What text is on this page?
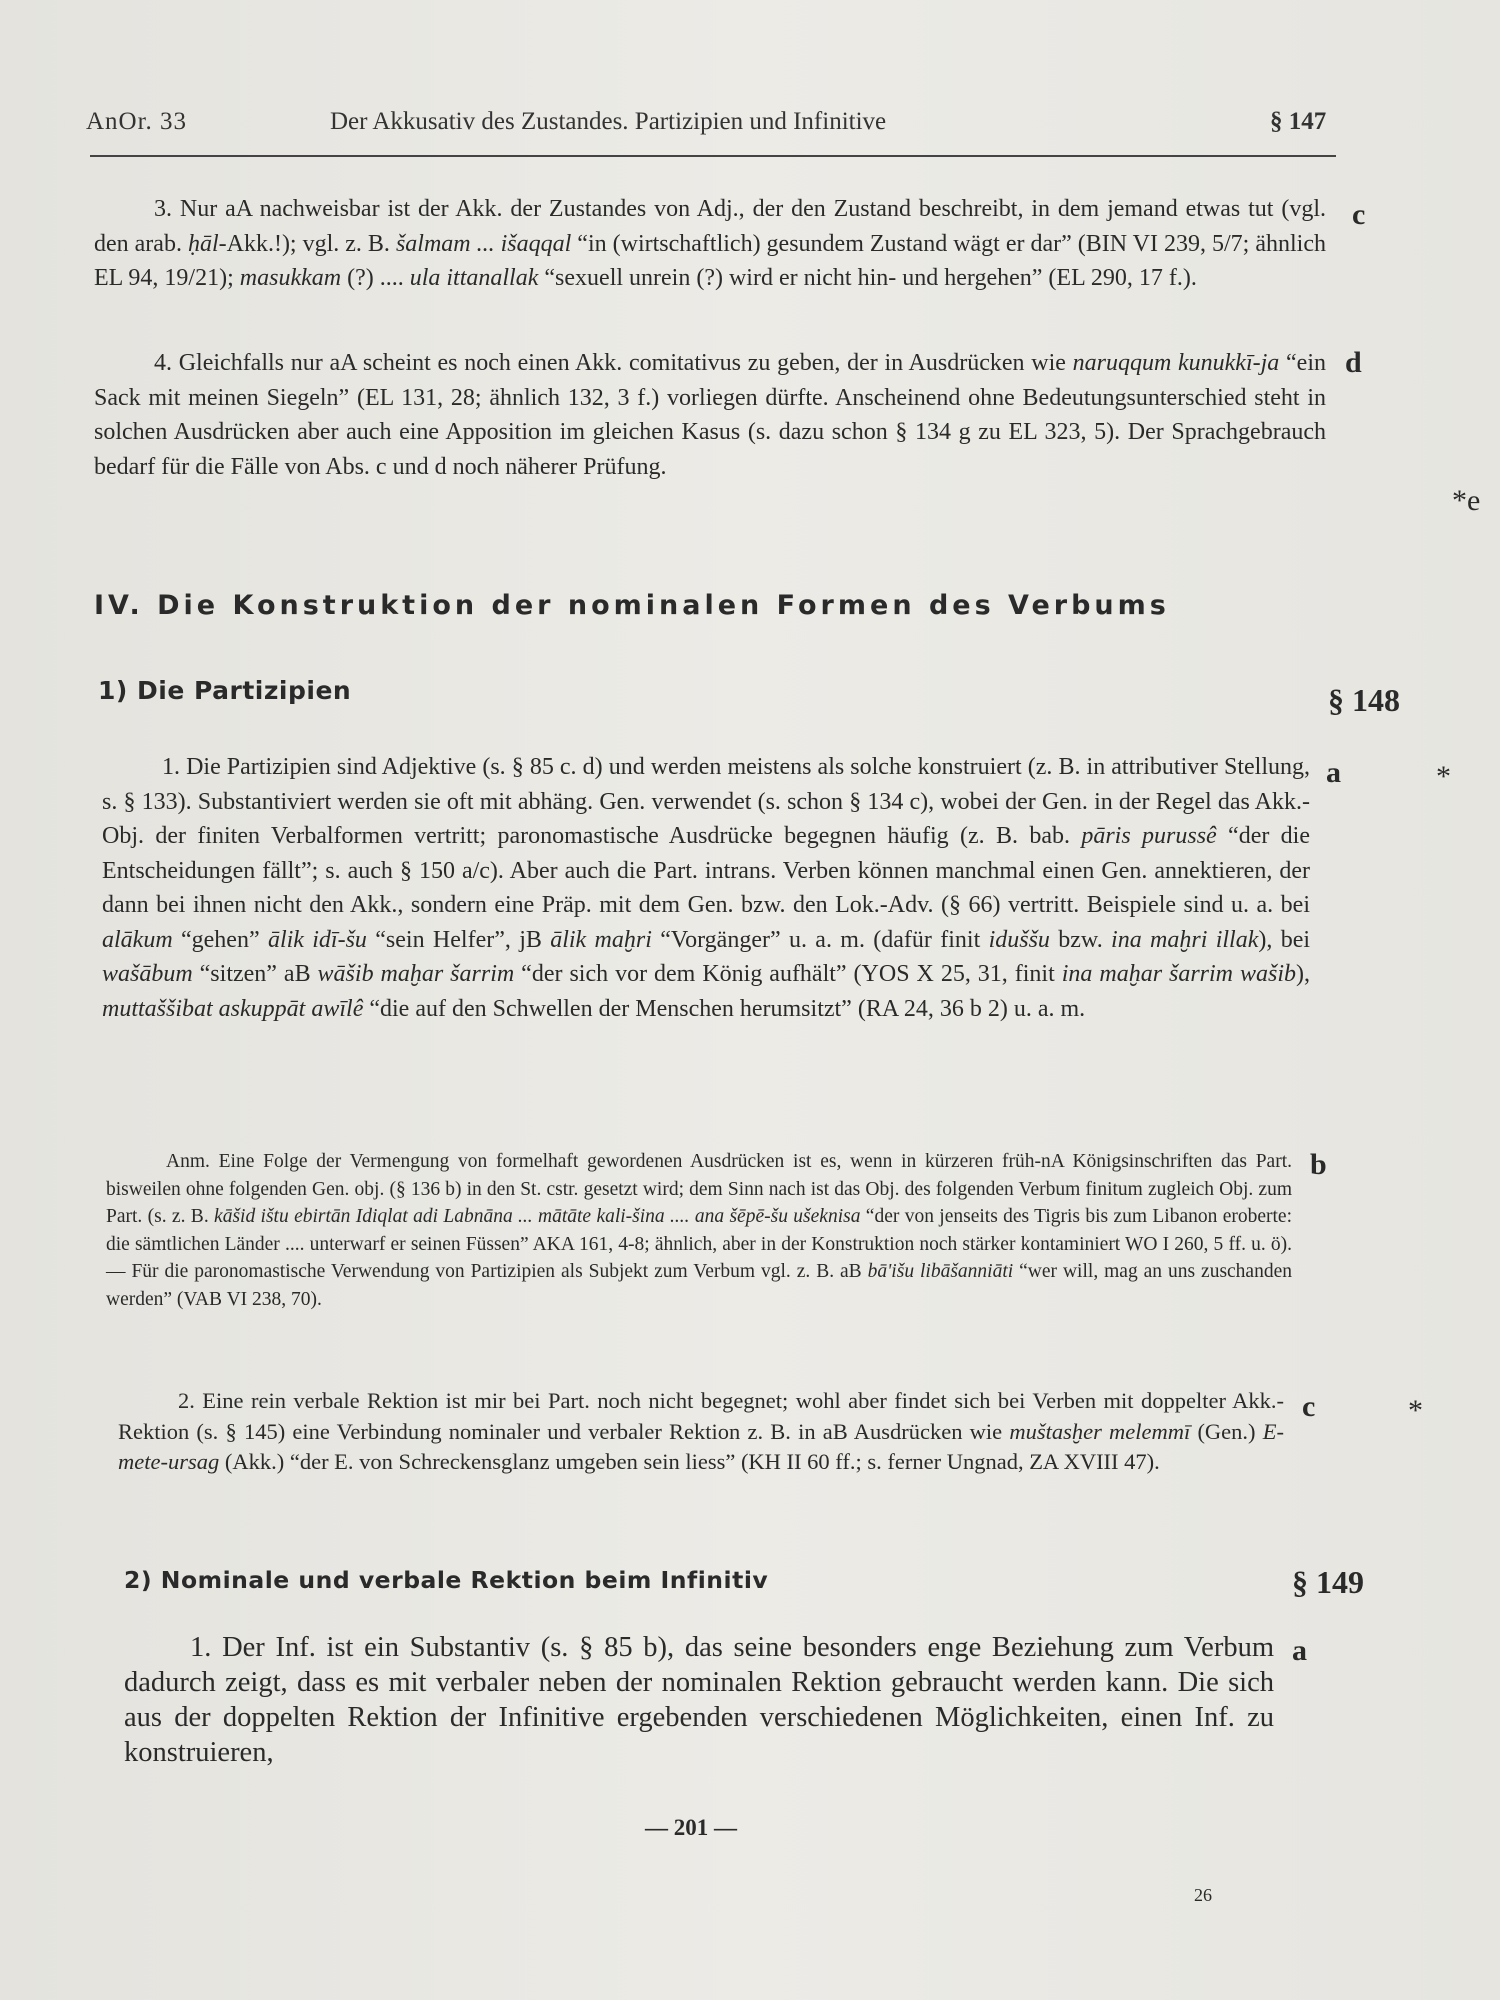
AnOr. 33	Der Akkusativ des Zustandes. Partizipien und Infinitive	§ 147

3. Nur aA nachweisbar ist der Akk. der Zustandes von Adj., der den Zustand beschreibt, in dem jemand etwas tut (vgl. den arab. ḥāl-Akk.!); vgl. z. B. šalmam ... išaqqal “in (wirtschaftlich) gesundem Zustand wägt er dar” (BIN VI 239, 5/7; ähnlich EL 94, 19/21); masukkam (?) .... ula ittanallak “sexuell unrein (?) wird er nicht hin- und hergehen” (EL 290, 17 f.).

c

4. Gleichfalls nur aA scheint es noch einen Akk. comitativus zu geben, der in Ausdrücken wie naruqqum kunukkī-ja “ein Sack mit meinen Siegeln” (EL 131, 28; ähnlich 132, 3 f.) vorliegen dürfte. Anscheinend ohne Bedeutungsunterschied steht in solchen Ausdrücken aber auch eine Apposition im gleichen Kasus (s. dazu schon § 134 g zu EL 323, 5). Der Sprachgebrauch bedarf für die Fälle von Abs. c und d noch näherer Prüfung.

d
*e
IV. Die Konstruktion der nominalen Formen des Verbums
1) Die Partizipien	§ 148

1. Die Partizipien sind Adjektive (s. § 85 c. d) und werden meistens als solche konstruiert (z. B. in attributiver Stellung, s. § 133). Substantiviert werden sie oft mit abhäng. Gen. verwendet (s. schon § 134 c), wobei der Gen. in der Regel das Akk.-Obj. der finiten Verbalformen vertritt; paronomastische Ausdrücke begegnen häufig (z. B. bab. pāris purussê “der die Entscheidungen fällt”; s. auch § 150 a/c). Aber auch die Part. intrans. Verben können manchmal einen Gen. annektieren, der dann bei ihnen nicht den Akk., sondern eine Präp. mit dem Gen. bzw. den Lok.-Adv. (§ 66) vertritt. Beispiele sind u. a. bei alākum “gehen” ālik idī-šu “sein Helfer”, jB ālik maḫri “Vorgänger” u. a. m. (dafür finit iduššu bzw. ina maḫri illak), bei wašābum “sitzen” aB wāšib maḫar šarrim “der sich vor dem König aufhält” (YOS X 25, 31, finit ina maḫar šarrim wašib), muttaššibat askuppāt awīlê “die auf den Schwellen der Menschen herumsitzt” (RA 24, 36 b 2) u. a. m.

a	*

Anm. Eine Folge der Vermengung von formelhaft gewordenen Ausdrücken ist es, wenn in kürzeren früh-nA Königsinschriften das Part. bisweilen ohne folgenden Gen. obj. (§ 136 b) in den St. cstr. gesetzt wird; dem Sinn nach ist das Obj. des folgenden Verbum finitum zugleich Obj. zum Part. (s. z. B. kāšid ištu ebirtān Idiqlat adi Labnāna ... mātāte kali-šina .... ana šēpē-šu ušeknisa “der von jenseits des Tigris bis zum Libanon eroberte: die sämtlichen Länder .... unterwarf er seinen Füssen” AKA 161, 4-8; ähnlich, aber in der Konstruktion noch stärker kontaminiert WO I 260, 5 ff. u. ö). — Für die paronomastische Verwendung von Partizipien als Subjekt zum Verbum vgl. z. B. aB bā'išu libāšanniāti “wer will, mag an uns zuschanden werden” (VAB VI 238, 70).

b

2. Eine rein verbale Rektion ist mir bei Part. noch nicht begegnet; wohl aber findet sich bei Verben mit doppelter Akk.-Rektion (s. § 145) eine Verbindung nominaler und verbaler Rektion z. B. in aB Ausdrücken wie muštasḫer melemmī (Gen.) E-mete-ursag (Akk.) “der E. von Schreckensglanz umgeben sein liess” (KH II 60 ff.; s. ferner Ungnad, ZA XVIII 47).

c	*
2) Nominale und verbale Rektion beim Infinitiv	§ 149

1. Der Inf. ist ein Substantiv (s. § 85 b), das seine besonders enge Beziehung zum Verbum dadurch zeigt, dass es mit verbaler neben der nominalen Rektion gebraucht werden kann. Die sich aus der doppelten Rektion der Infinitive ergebenden verschiedenen Möglichkeiten, einen Inf. zu konstruieren,

a
— 201 —
26
